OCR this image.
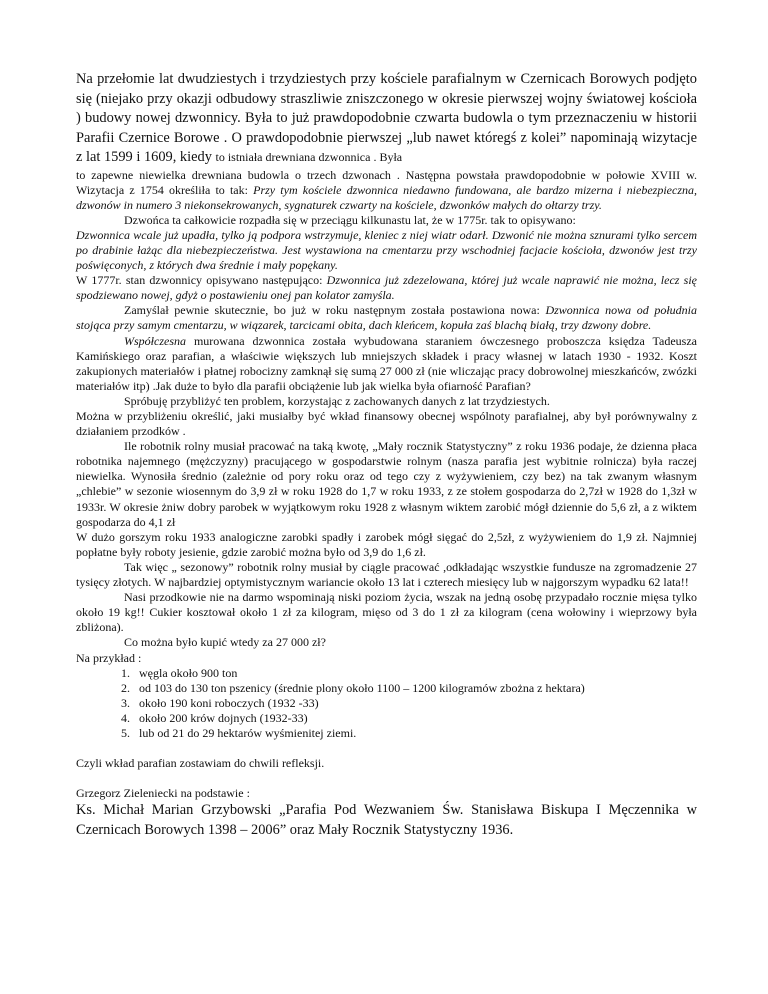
Na przełomie lat dwudziestych i trzydziestych przy kościele parafialnym w Czernicach Borowych podjęto się (niejako przy okazji odbudowy straszliwie zniszczonego w okresie pierwszej wojny światowej kościoła ) budowy nowej dzwonnicy. Była to już prawdopodobnie czwarta budowla o tym przeznaczeniu w historii Parafii Czernice Borowe . O prawdopodobnie pierwszej „lub nawet któregś z kolei” napominają wizytacje z lat 1599 i 1609, kiedy to istniała drewniana dzwonnica . Była

to zapewne niewielka drewniana budowla o trzech dzwonach . Następna powstała prawdopodobnie w połowie XVIII w. Wizytacja z 1754 określiła to tak: Przy tym kościele dzwonnica niedawno fundowana, ale bardzo mizerna i niebezpieczna, dzwonów in numero 3 niekonsekrowanych, sygnaturek czwarty na kościele, dzwonków małych do ołtarzy trzy.

Dzwońca ta całkowicie rozpadła się w przeciągu kilkunastu lat, że w 1775r. tak to opisywano:

Dzwonnica wcale już upadła, tylko ją podpora wstrzymuje, kleniec z niej wiatr odarł. Dzwonić nie można sznurami tylko sercem po drabinie łażąc dla niebezpieczeństwa. Jest wystawiona na cmentarzu przy wschodniej facjacie kościoła, dzwonów jest trzy poświęconych, z których dwa średnie i mały popękany.

W 1777r. stan dzwonnicy opisywano następująco: Dzwonnica już zdezelowana, której już wcale naprawić nie można, lecz się spodziewano nowej, gdyż o postawieniu onej pan kolator zamyśla.

Zamyślał pewnie skutecznie, bo już w roku następnym została postawiona nowa: Dzwonnica nowa od południa stojąca przy samym cmentarzu, w wiązarek, tarcicami obita, dach kleńcem, kopuła zaś blachą białą, trzy dzwony dobre.

Współczesna murowana dzwonnica została wybudowana staraniem ówczesnego proboszcza księdza Tadeusza Kamińskiego oraz parafian, a właściwie większych lub mniejszych składek i pracy własnej w latach 1930 - 1932. Koszt zakupionych materiałów i płatnej robocizny zamknął się sumą 27 000 zł (nie wliczając pracy dobrowolnej mieszkańców, zwózki materiałów itp) .Jak duże to było dla parafii obciążenie lub jak wielka była ofiarność Parafian?

Spróbuję przybliżyć ten problem, korzystając z zachowanych danych z lat trzydziestych.

Można w przybliżeniu określić, jaki musiałby być wkład finansowy obecnej wspólnoty parafialnej, aby był porównywalny z działaniem przodków .

Ile robotnik rolny musiał pracować na taką kwotę, „Mały rocznik Statystyczny” z roku 1936 podaje, że dzienna płaca robotnika najemnego (mężczyzny) pracującego w gospodarstwie rolnym (nasza parafia jest wybitnie rolnicza) była raczej niewielka. Wynosiła średnio (zależnie od pory roku oraz od tego czy z wyżywieniem, czy bez) na tak zwanym własnym „chlebie” w sezonie wiosennym do 3,9 zł w roku 1928 do 1,7 w roku 1933, z ze stołem gospodarza do 2,7zł w 1928 do 1,3zł w 1933r. W okresie żniw dobry parobek w wyjątkowym roku 1928 z własnym wiktem zarobić mógł dziennie do 5,6 zł, a z wiktem gospodarza do 4,1 zł

W dużo gorszym roku 1933 analogiczne zarobki spadły i zarobek mógł sięgać do 2,5zł, z wyżywieniem do 1,9 zł. Najmniej popłatne były roboty jesienie, gdzie zarobić można było od 3,9 do 1,6 zł.

Tak więc „ sezonowy” robotnik rolny musiał by ciągle pracować ,odkładając wszystkie fundusze na zgromadzenie 27 tysięcy złotych. W najbardziej optymistycznym wariancie około 13 lat i czterech miesięcy lub w najgorszym wypadku 62 lata!!

Nasi przodkowie nie na darmo wspominają niski poziom życia, wszak na jedną osobę przypadało rocznie mięsa tylko około 19 kg!! Cukier kosztował około 1 zł za kilogram, mięso od 3 do 1 zł za kilogram (cena wołowiny i wieprzowy była zbliżona).

Co można było kupić wtedy za 27 000 zł?

Na przykład :

1. węgla około 900 ton
2. od 103 do 130 ton pszenicy (średnie plony około 1100 – 1200 kilogramów zbożna z hektara)
3. około 190 koni roboczych (1932 -33)
4. około 200 krów dojnych (1932-33)
5. lub od 21 do 29 hektarów wyśmienitej ziemi.

Czyli wkład parafian zostawiam do chwili refleksji.

Grzegorz Zieleniecki na podstawie :

Ks. Michał Marian Grzybowski „Parafia Pod Wezwaniem Św. Stanisława Biskupa I Męczennika w Czernicach Borowych 1398 – 2006” oraz Mały Rocznik Statystyczny 1936.
